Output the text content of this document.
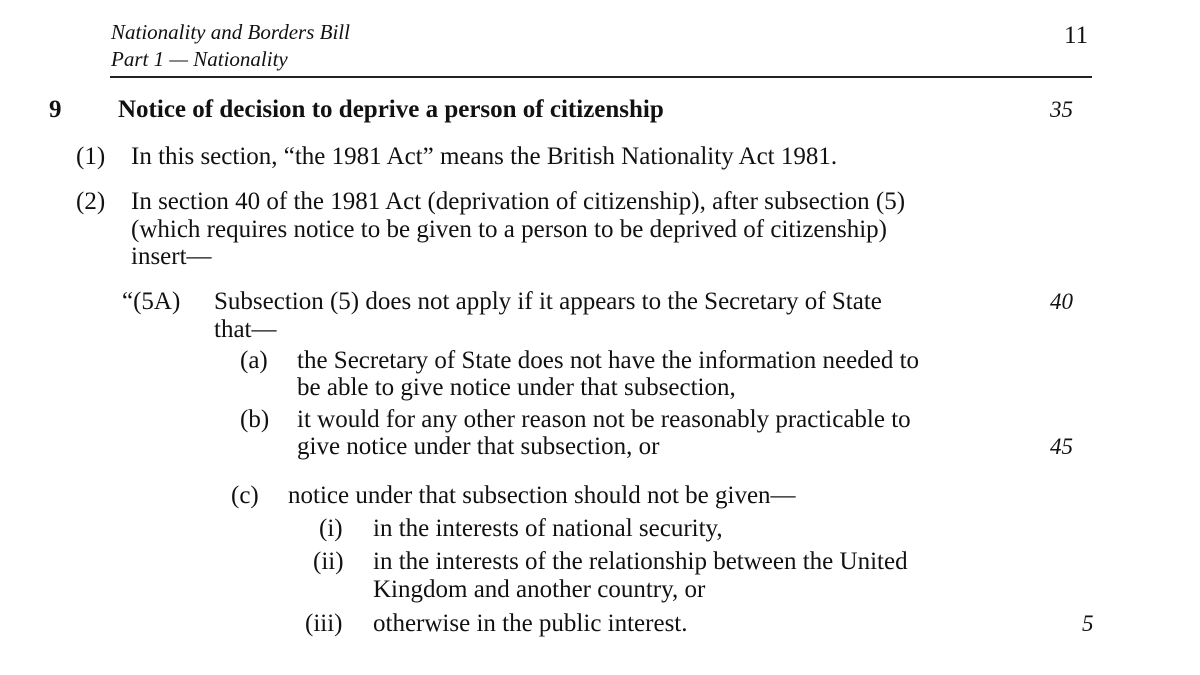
Nationality and Borders Bill
Part 1 — Nationality
11
9 Notice of decision to deprive a person of citizenship	35
(1) In this section, “the 1981 Act” means the British Nationality Act 1981.
(2) In section 40 of the 1981 Act (deprivation of citizenship), after subsection (5)
(which requires notice to be given to a person to be deprived of citizenship)
insert—
“(5A) Subsection (5) does not apply if it appears to the Secretary of State
that—
40
(a) the Secretary of State does not have the information needed to
be able to give notice under that subsection,
(b) it would for any other reason not be reasonably practicable to
give notice under that subsection, or	45
(c) notice under that subsection should not be given—
(i) in the interests of national security,
(ii) in the interests of the relationship between the United
Kingdom and another country, or
(iii) otherwise in the public interest.	5
